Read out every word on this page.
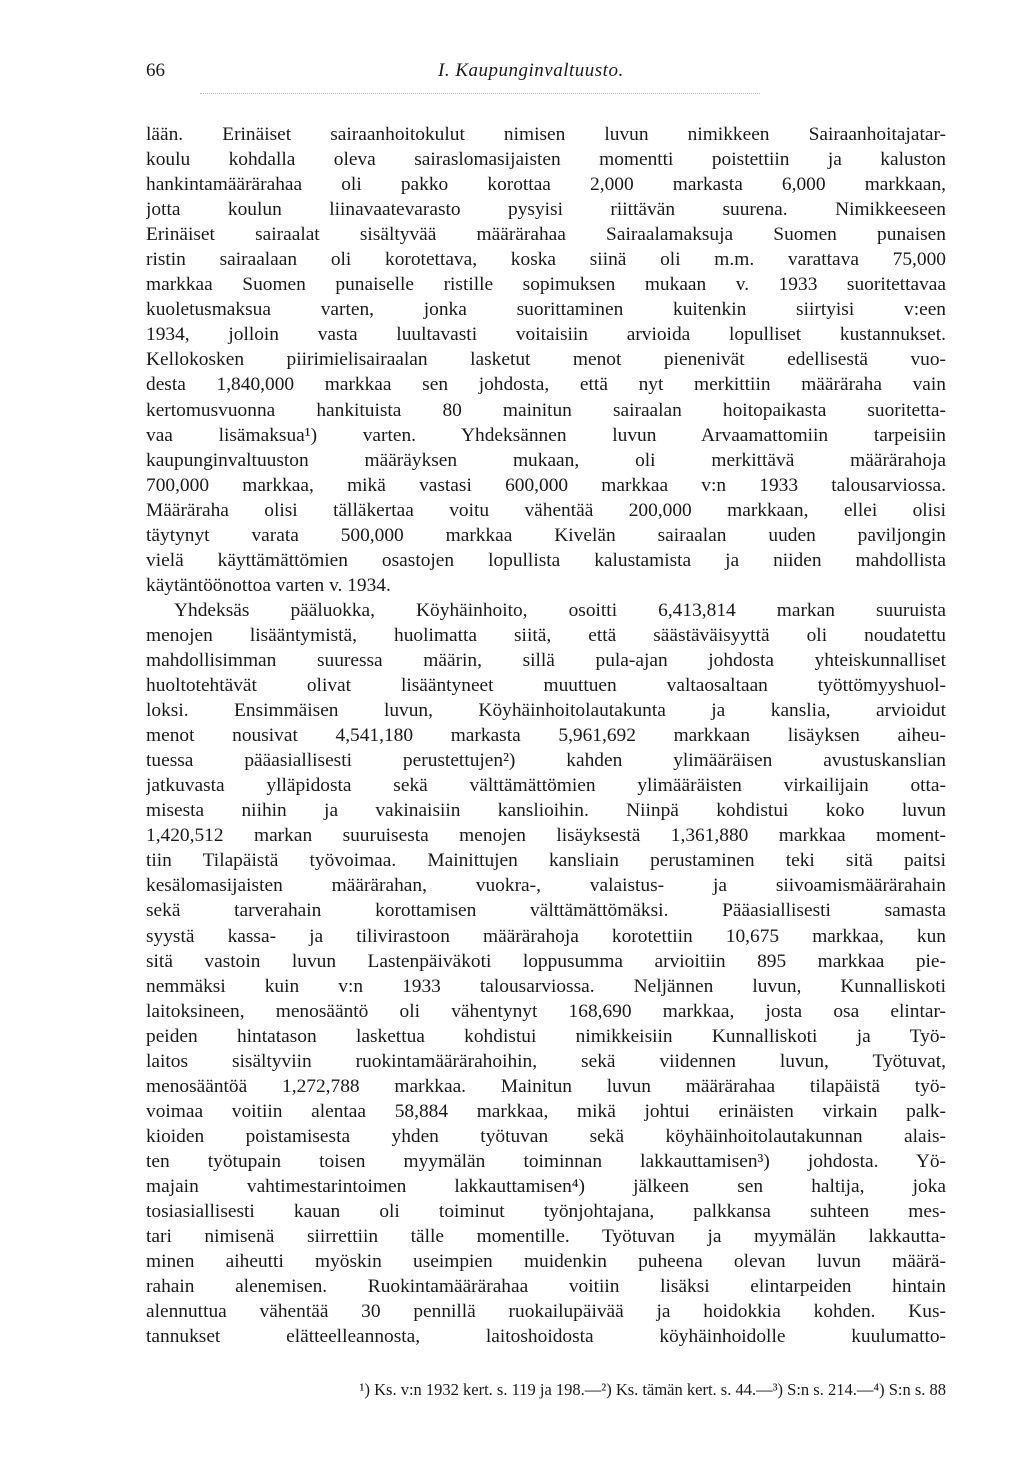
66	I. Kaupunginvaltuusto.
lään. Erinäiset sairaanhoitokulut nimisen luvun nimikkeen Sairaanhoitajatar-
koulu kohdalla oleva sairaslomasijaisten momentti poistettiin ja kaluston
hankintamäärärahaa oli pakko korottaa 2,000 markasta 6,000 markkaan,
jotta koulun liinavaatevarasto pysyisi riittävän suurena. Nimikkeeseen
Erinäiset sairaalat sisältyvää määrärahaa Sairaalamaksuja Suomen punaisen
ristin sairaalaan oli korotettava, koska siinä oli m.m. varattava 75,000
markkaa Suomen punaiselle ristille sopimuksen mukaan v. 1933 suoritettavaa
kuoletusmaksua varten, jonka suorittaminen kuitenkin siirtyisi v:een
1934, jolloin vasta luultavasti voitaisiin arvioida lopulliset kustannukset.
Kellokosken piirimielisairaalan lasketut menot pienenivät edellisestä vuo-
desta 1,840,000 markkaa sen johdosta, että nyt merkittiin määräraha vain
kertomusvuonna hankituista 80 mainitun sairaalan hoitopaikasta suoritetta-
vaa lisämaksua¹) varten. Yhdeksännen luvun Arvaamattomiin tarpeisiin
kaupunginvaltuuston määräyksen mukaan, oli merkittävä määrärahoja
700,000 markkaa, mikä vastasi 600,000 markkaa v:n 1933 talousarviossa.
Määräraha olisi tälläkertaa voitu vähentää 200,000 markkaan, ellei olisi
täytynyt varata 500,000 markkaa Kivelän sairaalan uuden paviljongin
vielä käyttämättömien osastojen lopullista kalustamista ja niiden mahdollista
käytäntöönottoa varten v. 1934.
Yhdeksäs pääluokka, Köyhäinhoito, osoitti 6,413,814 markan suuruista
menojen lisääntymistä, huolimatta siitä, että säästäväisyyttä oli noudatettu
mahdollisimman suuressa määrin, sillä pula-ajan johdosta yhteiskunnalliset
huoltotehtävät olivat lisääntyneet muuttuen valtaosaltaan työttömyyshuol-
loksi. Ensimmäisen luvun, Köyhäinhoitolautakunta ja kanslia, arvioidut
menot nousivat 4,541,180 markasta 5,961,692 markkaan lisäyksen aiheu-
tuessa pääasiallisesti perustettujen²) kahden ylimääräisen avustuskanslian
jatkuvasta ylläpidosta sekä välttämättömien ylimääräisten virkailijain otta-
misesta niihin ja vakinaisiin kanslioihin. Niinpä kohdistui koko luvun
1,420,512 markan suuruisesta menojen lisäyksestä 1,361,880 markkaa moment-
tiin Tilapäistä työvoimaa. Mainittujen kansliain perustaminen teki sitä paitsi
kesälomasijaisten määrärahan, vuokra-, valaistus- ja siivoamismäärärahain
sekä tarverahain korottamisen välttämättömäksi. Pääasiallisesti samasta
syystä kassa- ja tilivirastoon määrärahoja korotettiin 10,675 markkaa, kun
sitä vastoin luvun Lastenpäiväkoti loppusumma arvioitiin 895 markkaa pie-
nemmäksi kuin v:n 1933 talousarviossa. Neljännen luvun, Kunnalliskoti
laitoksineen, menosääntö oli vähentynyt 168,690 markkaa, josta osa elintar-
peiden hintatason laskettua kohdistui nimikkeisiin Kunnalliskoti ja Työ-
laitos sisältyviin ruokintamäärärahoihin, sekä viidennen luvun, Työtuvat,
menosääntöä 1,272,788 markkaa. Mainitun luvun määrärahaa tilapäistä työ-
voimaa voitiin alentaa 58,884 markkaa, mikä johtui erinäisten virkain palk-
kioiden poistamisesta yhden työtuvan sekä köyhäinhoitolautakunnan alais-
ten työtupain toisen myymälän toiminnan lakkauttamisen³) johdosta. Yö-
majain vahtimestarintoimen lakkauttamisen⁴) jälkeen sen haltija, joka
tosiasiallisesti kauan oli toiminut työnjohtajana, palkkansa suhteen mes-
tari nimisenä siirrettiin tälle momentille. Työtuvan ja myymälän lakkautta-
minen aiheutti myöskin useimpien muidenkin puheena olevan luvun määrä-
rahain alenemisen. Ruokintamäärärahaa voitiin lisäksi elintarpeiden hintain
alennuttua vähentää 30 pennillä ruokailupäivää ja hoidokkia kohden. Kus-
tannukset elätteelleannosta, laitoshoidosta köyhäinhoidolle kuulumatto-
¹) Ks. v:n 1932 kert. s. 119 ja 198.—²) Ks. tämän kert. s. 44.—³) S:n s. 214.—⁴) S:n s. 88
